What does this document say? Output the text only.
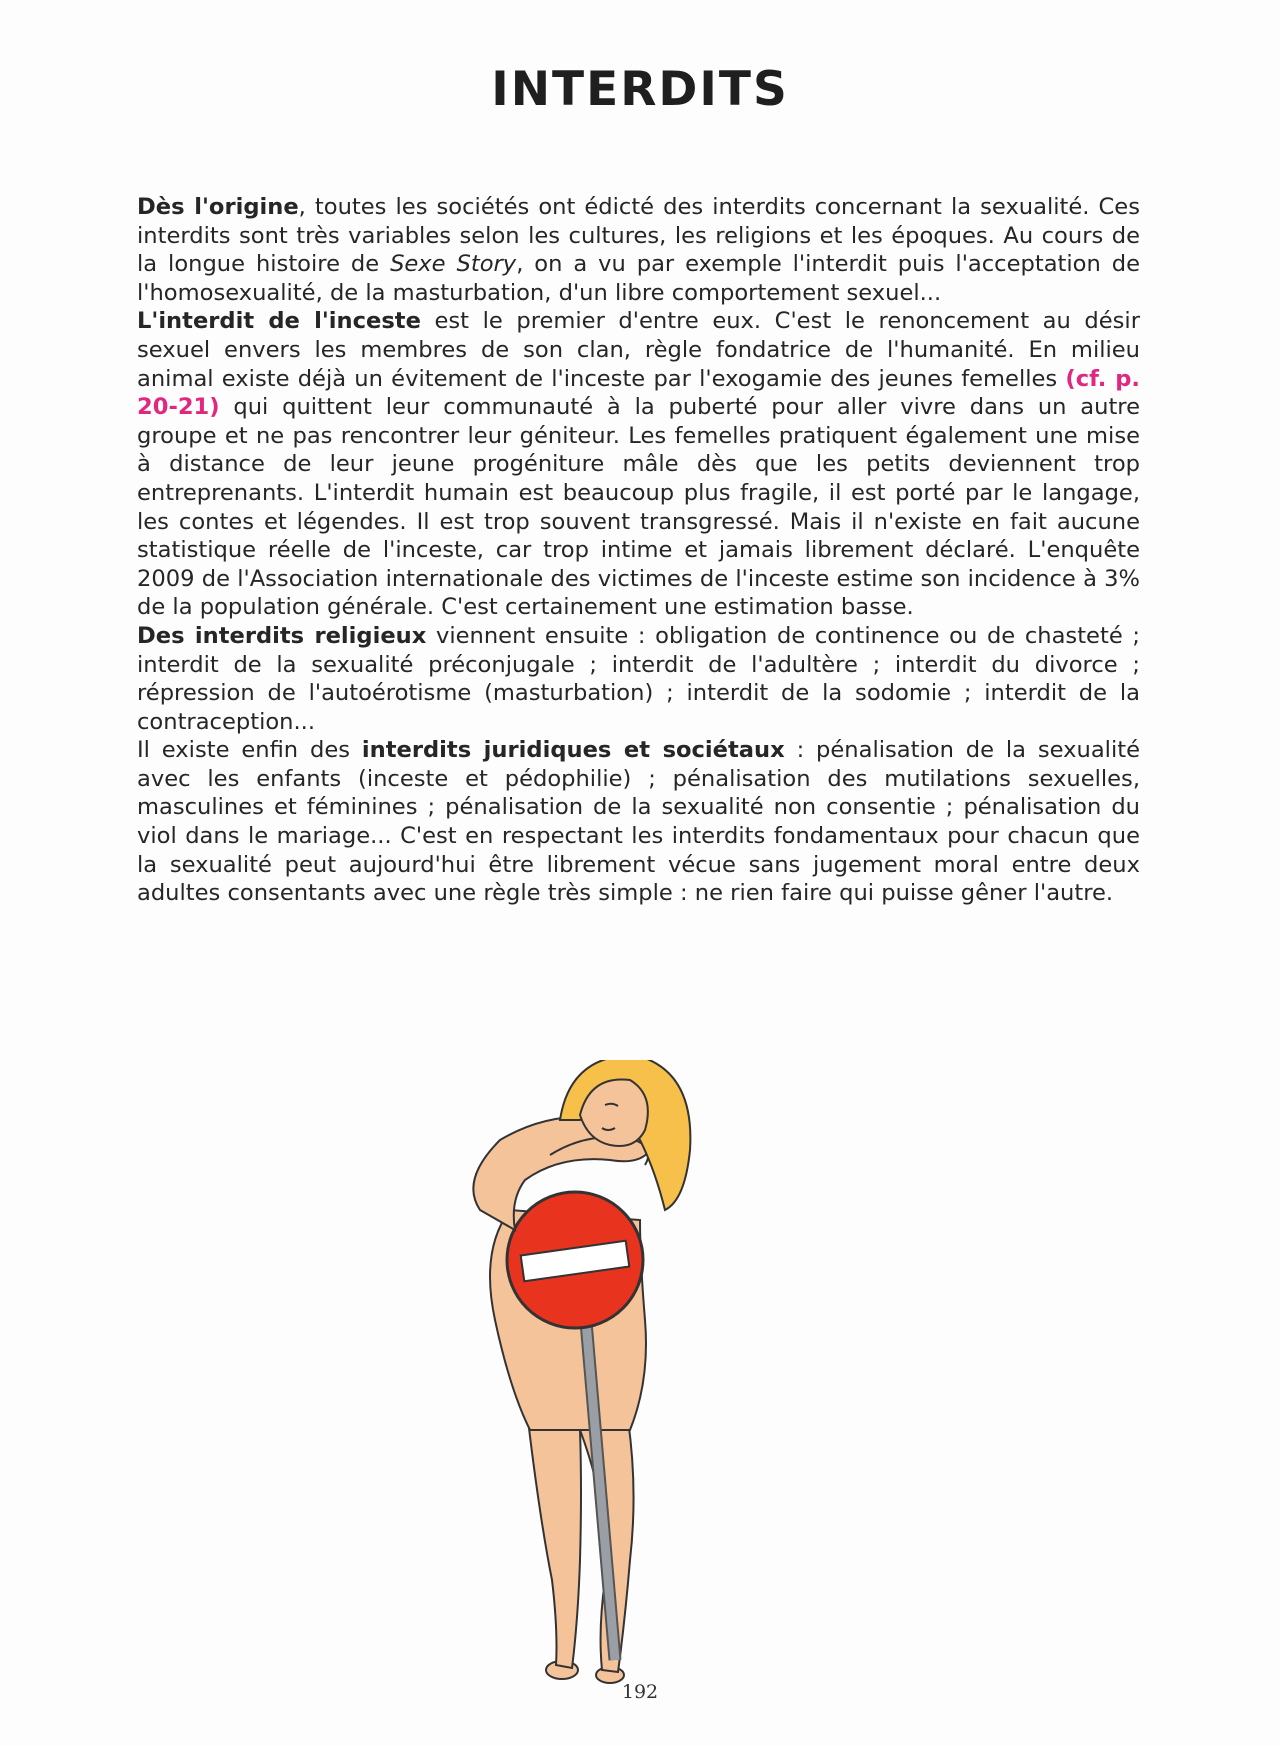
INTERDITS

Dès l'origine, toutes les sociétés ont édicté des interdits concernant la sexualité. Ces interdits sont très variables selon les cultures, les religions et les époques. Au cours de la longue histoire de Sexe Story, on a vu par exemple l'interdit puis l'acceptation de l'homosexualité, de la masturbation, d'un libre comportement sexuel...

L'interdit de l'inceste est le premier d'entre eux. C'est le renoncement au désir sexuel envers les membres de son clan, règle fondatrice de l'humanité. En milieu animal existe déjà un évitement de l'inceste par l'exogamie des jeunes femelles (cf. p. 20-21) qui quittent leur communauté à la puberté pour aller vivre dans un autre groupe et ne pas rencontrer leur géniteur. Les femelles pratiquent également une mise à distance de leur jeune progéniture mâle dès que les petits deviennent trop entreprenants. L'interdit humain est beaucoup plus fragile, il est porté par le langage, les contes et légendes. Il est trop souvent transgressé. Mais il n'existe en fait aucune statistique réelle de l'inceste, car trop intime et jamais librement déclaré. L'enquête 2009 de l'Association internationale des victimes de l'inceste estime son incidence à 3% de la population générale. C'est certainement une estimation basse.

Des interdits religieux viennent ensuite : obligation de continence ou de chasteté ; interdit de la sexualité préconjugale ; interdit de l'adultère ; interdit du divorce ; répression de l'autoérotisme (masturbation) ; interdit de la sodomie ; interdit de la contraception...

Il existe enfin des interdits juridiques et sociétaux : pénalisation de la sexualité avec les enfants (inceste et pédophilie) ; pénalisation des mutilations sexuelles, masculines et féminines ; pénalisation de la sexualité non consentie ; pénalisation du viol dans le mariage... C'est en respectant les interdits fondamentaux pour chacun que la sexualité peut aujourd'hui être librement vécue sans jugement moral entre deux adultes consentants avec une règle très simple : ne rien faire qui puisse gêner l'autre.

192
